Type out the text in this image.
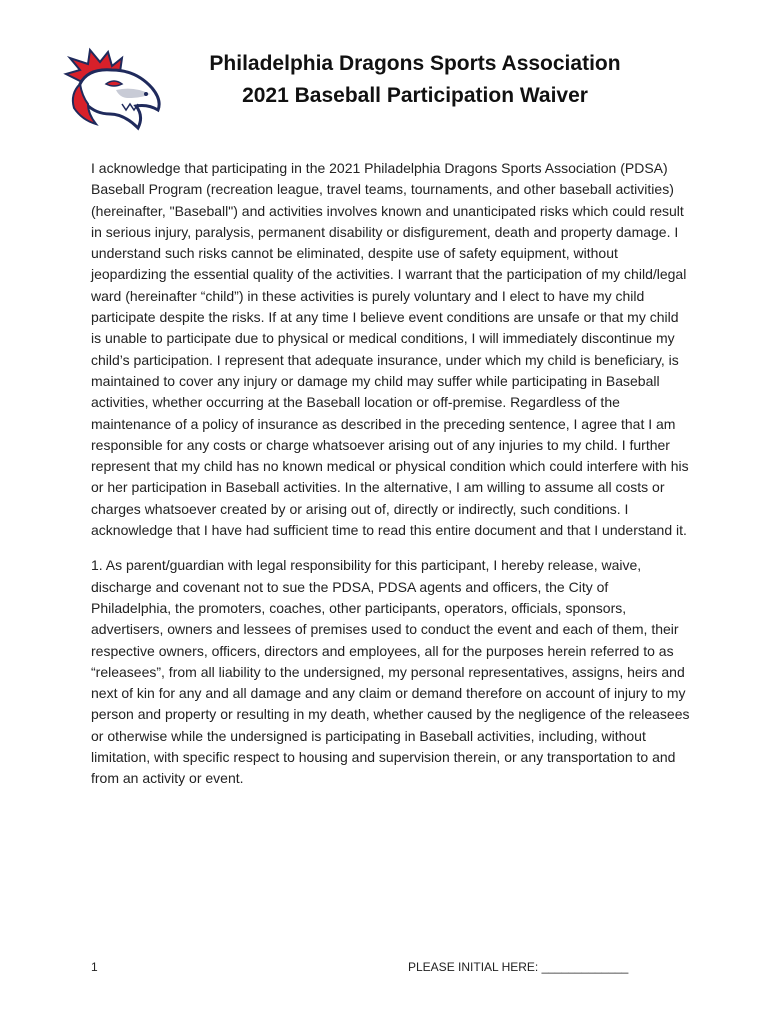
Philadelphia Dragons Sports Association
2021 Baseball Participation Waiver

I acknowledge that participating in the 2021 Philadelphia Dragons Sports Association (PDSA) Baseball Program (recreation league, travel teams, tournaments, and other baseball activities) (hereinafter, "Baseball") and activities involves known and unanticipated risks which could result in serious injury, paralysis, permanent disability or disfigurement, death and property damage. I understand such risks cannot be eliminated, despite use of safety equipment, without jeopardizing the essential quality of the activities. I warrant that the participation of my child/legal ward (hereinafter “child”) in these activities is purely voluntary and I elect to have my child participate despite the risks. If at any time I believe event conditions are unsafe or that my child is unable to participate due to physical or medical conditions, I will immediately discontinue my child’s participation. I represent that adequate insurance, under which my child is beneficiary, is maintained to cover any injury or damage my child may suffer while participating in Baseball activities, whether occurring at the Baseball location or off-premise. Regardless of the maintenance of a policy of insurance as described in the preceding sentence, I agree that I am responsible for any costs or charge whatsoever arising out of any injuries to my child. I further represent that my child has no known medical or physical condition which could interfere with his or her participation in Baseball activities. In the alternative, I am willing to assume all costs or charges whatsoever created by or arising out of, directly or indirectly, such conditions. I acknowledge that I have had sufficient time to read this entire document and that I understand it.

1. As parent/guardian with legal responsibility for this participant, I hereby release, waive, discharge and covenant not to sue the PDSA, PDSA agents and officers, the City of Philadelphia, the promoters, coaches, other participants, operators, officials, sponsors, advertisers, owners and lessees of premises used to conduct the event and each of them, their respective owners, officers, directors and employees, all for the purposes herein referred to as “releasees”, from all liability to the undersigned, my personal representatives, assigns, heirs and next of kin for any and all damage and any claim or demand therefore on account of injury to my person and property or resulting in my death, whether caused by the negligence of the releasees or otherwise while the undersigned is participating in Baseball activities, including, without limitation, with specific respect to housing and supervision therein, or any transportation to and from an activity or event.

1	PLEASE INITIAL HERE: _____________
